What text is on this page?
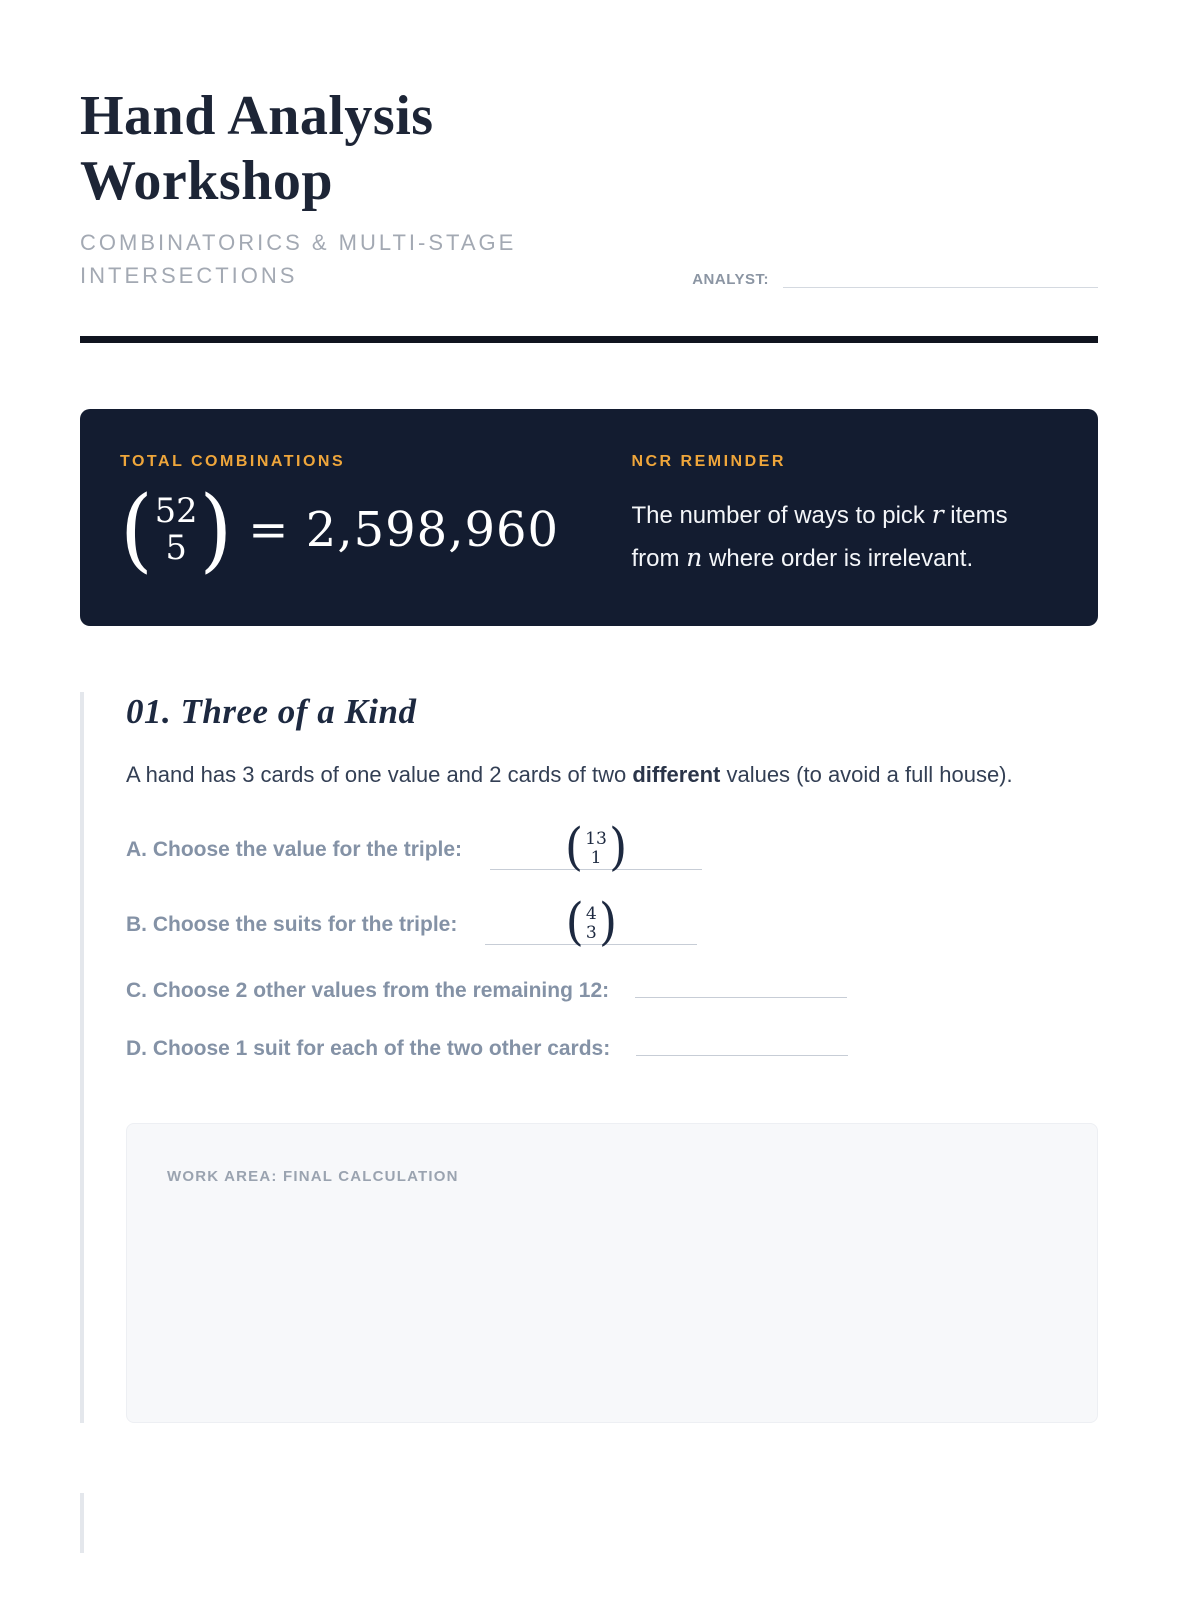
Hand Analysis Workshop
COMBINATORICS & MULTI-STAGE INTERSECTIONS	ANALYST:
TOTAL COMBINATIONS
( 52
5 ) = 2,598,960
NCR REMINDER
The number of ways to pick r items from n where order is irrelevant.
01. Three of a Kind

A hand has 3 cards of one value and 2 cards of two different values (to avoid a full house).

A. Choose the value for the triple: ( 13
1 )
B. Choose the suits for the triple: ( 4
3 )
C. Choose 2 other values from the remaining 12:
D. Choose 1 suit for each of the two other cards:
WORK AREA: FINAL CALCULATION
